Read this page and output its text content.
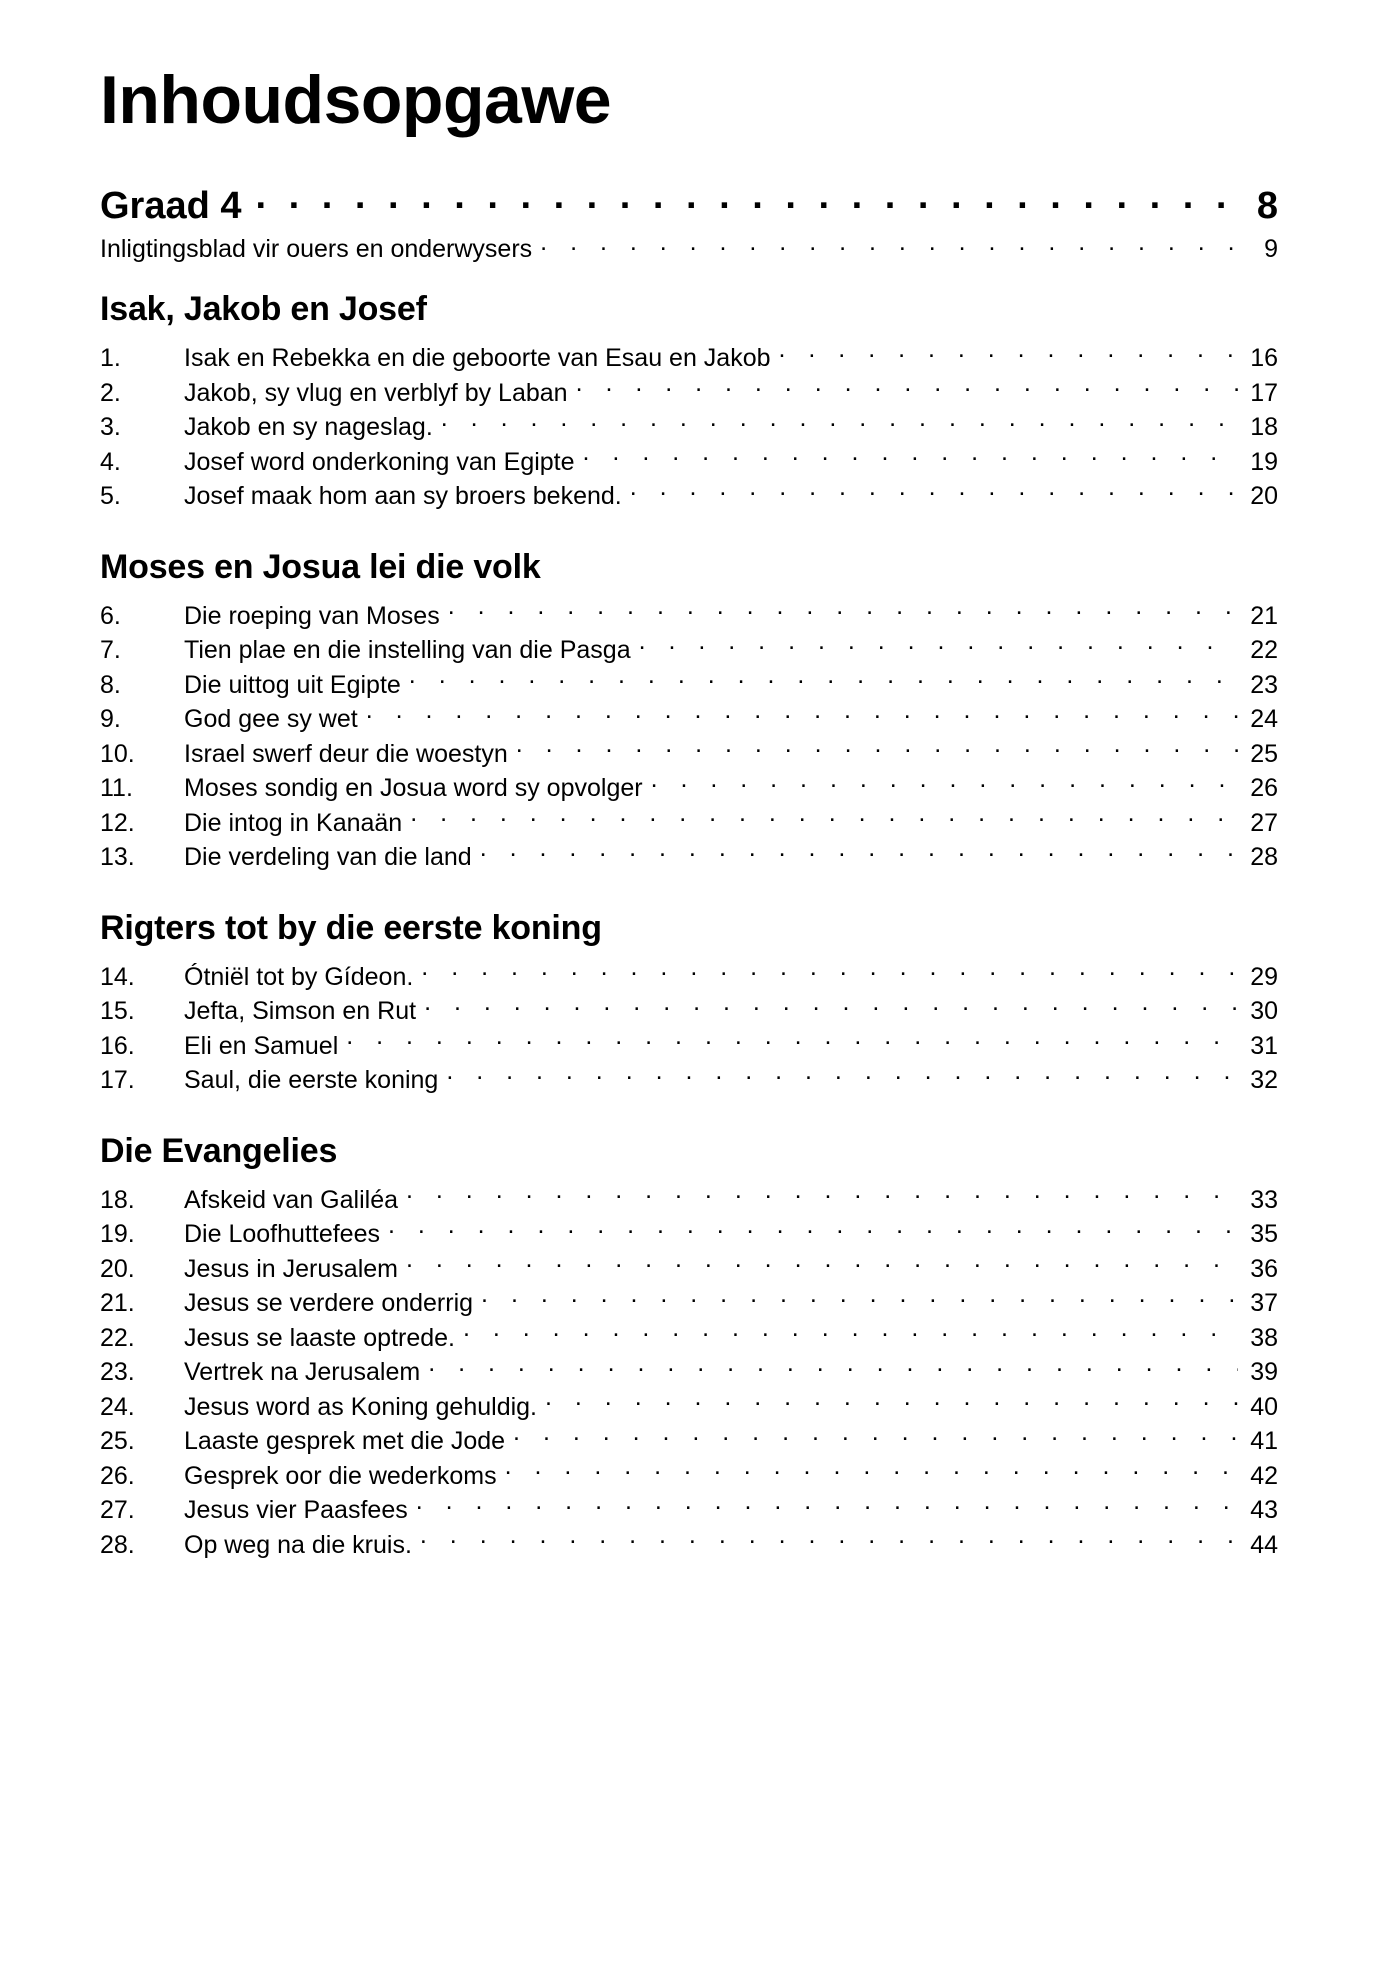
Inhoudsopgawe
Graad 4 . . .	8
Inligtingsblad vir ouers en onderwysers . . .	9
Isak, Jakob en Josef
1.	Isak en Rebekka en die geboorte van Esau en Jakob . . .	16
2.	Jakob, sy vlug en verblyf by Laban . . .	17
3.	Jakob en sy nageslag. . . .	18
4.	Josef word onderkoning van Egipte . . .	19
5.	Josef maak hom aan sy broers bekend. . . .	20
Moses en Josua lei die volk
6.	Die roeping van Moses . . .	21
7.	Tien plae en die instelling van die Pasga . . .	22
8.	Die uittog uit Egipte . . .	23
9.	God gee sy wet . . .	24
10.	Israel swerf deur die woestyn . . .	25
11.	Moses sondig en Josua word sy opvolger . . .	26
12.	Die intog in Kanaän . . .	27
13.	Die verdeling van die land . . .	28
Rigters tot by die eerste koning
14.	Ótniël tot by Gídeon. . . .	29
15.	Jefta, Simson en Rut . . .	30
16.	Eli en Samuel . . .	31
17.	Saul, die eerste koning . . .	32
Die Evangelies
18.	Afskeid van Galiléa . . .	33
19.	Die Loofhuttefees . . .	35
20.	Jesus in Jerusalem . . .	36
21.	Jesus se verdere onderrig . . .	37
22.	Jesus se laaste optrede. . . .	38
23.	Vertrek na Jerusalem . . .	39
24.	Jesus word as Koning gehuldig. . . .	40
25.	Laaste gesprek met die Jode . . .	41
26.	Gesprek oor die wederkoms . . .	42
27.	Jesus vier Paasfees . . .	43
28.	Op weg na die kruis. . . .	44
